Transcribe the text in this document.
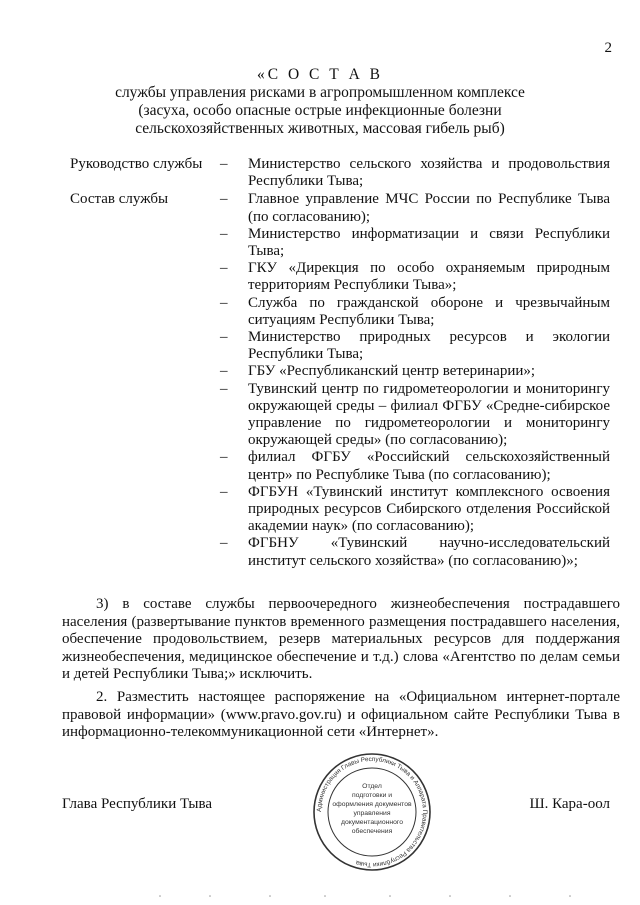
2
«С О С Т А В
службы управления рисками в агропромышленном комплексе
(засуха, особо опасные острые инфекционные болезни
сельскохозяйственных животных, массовая гибель рыб)
Руководство службы	–	Министерство сельского хозяйства и продовольствия Республики Тыва;
Состав службы	–	Главное управление МЧС России по Республике Тыва (по согласованию);
–	Министерство информатизации и связи Республики Тыва;
–	ГКУ «Дирекция по особо охраняемым природным территориям Республики Тыва»;
–	Служба по гражданской обороне и чрезвычайным ситуациям Республики Тыва;
–	Министерство природных ресурсов и экологии Республики Тыва;
–	ГБУ «Республиканский центр ветеринарии»;
–	Тувинский центр по гидрометеорологии и мониторингу окружающей среды – филиал ФГБУ «Средне-сибирское управление по гидрометеорологии и мониторингу окружающей среды» (по согласованию);
–	филиал ФГБУ «Российский сельскохозяйственный центр» по Республике Тыва (по согласованию);
–	ФГБУН «Тувинский институт комплексного освоения природных ресурсов Сибирского отделения Российской академии наук» (по согласованию);
–	ФГБНУ «Тувинский научно-исследовательский институт сельского хозяйства» (по согласованию)»;
3) в составе службы первоочередного жизнеобеспечения пострадавшего населения (развертывание пунктов временного размещения пострадавшего населения, обеспечение продовольствием, резерв материальных ресурсов для поддержания жизнеобеспечения, медицинское обеспечение и т.д.) слова «Агентство по делам семьи и детей Республики Тыва;» исключить.
2. Разместить настоящее распоряжение на «Официальном интернет-портале правовой информации» (www.pravo.gov.ru) и официальном сайте Республики Тыва в информационно-телекоммуникационной сети «Интернет».
Глава Республики Тыва	Ш. Кара-оол
Администрация Главы Республики Тыва и Аппарата Правительства Республики Тыва
Отдел
подготовки и
оформления документов
управления
документационного
обеспечения
